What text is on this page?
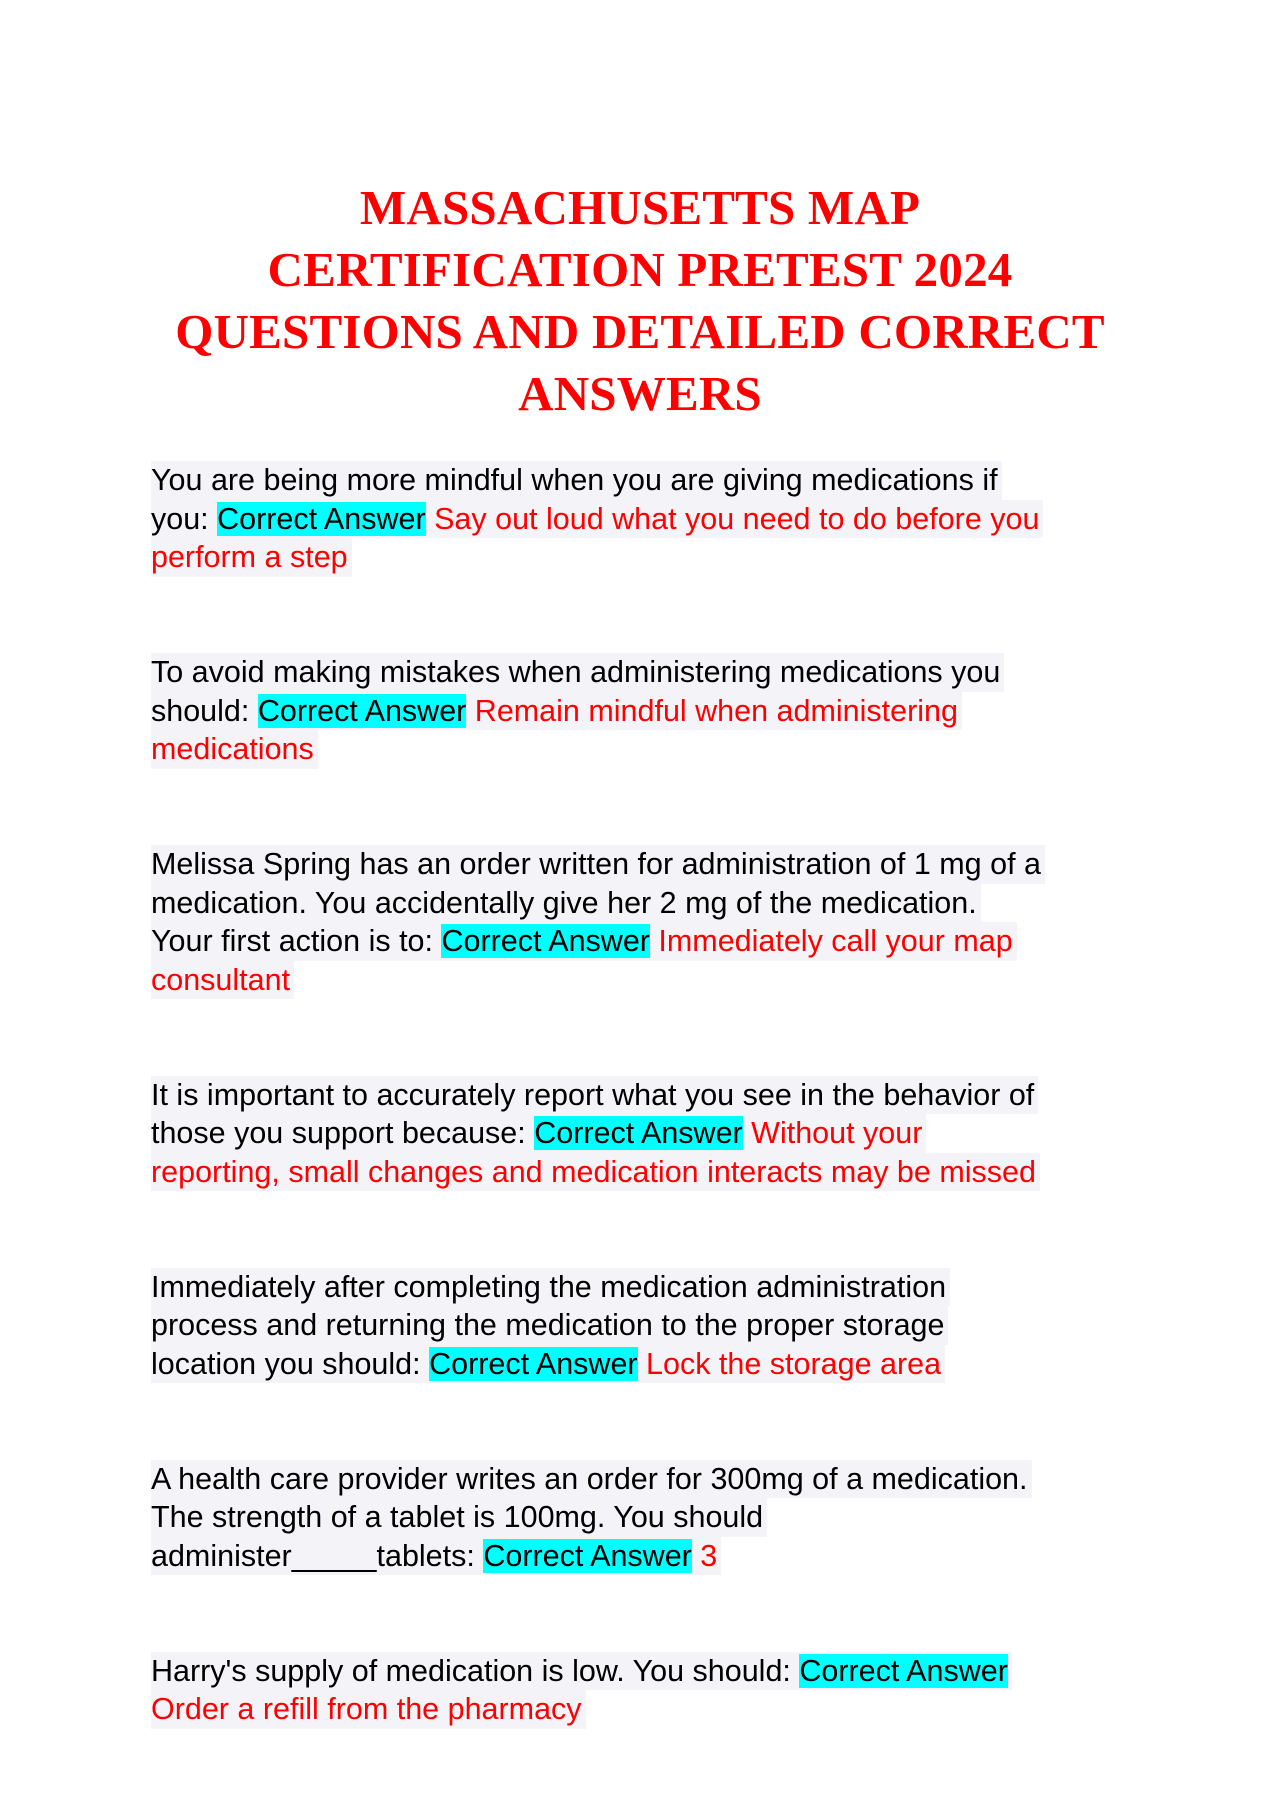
MASSACHUSETTS MAP
CERTIFICATION PRETEST 2024
QUESTIONS AND DETAILED CORRECT
ANSWERS
You are being more mindful when you are giving medications if
you: Correct Answer Say out loud what you need to do before you
perform a step
To avoid making mistakes when administering medications you
should: Correct Answer Remain mindful when administering
medications
Melissa Spring has an order written for administration of 1 mg of a
medication. You accidentally give her 2 mg of the medication.
Your first action is to: Correct Answer Immediately call your map
consultant
It is important to accurately report what you see in the behavior of
those you support because: Correct Answer Without your
reporting, small changes and medication interacts may be missed
Immediately after completing the medication administration
process and returning the medication to the proper storage
location you should: Correct Answer Lock the storage area
A health care provider writes an order for 300mg of a medication.
The strength of a tablet is 100mg. You should
administer_____tablets: Correct Answer 3
Harry's supply of medication is low. You should: Correct Answer
Order a refill from the pharmacy
